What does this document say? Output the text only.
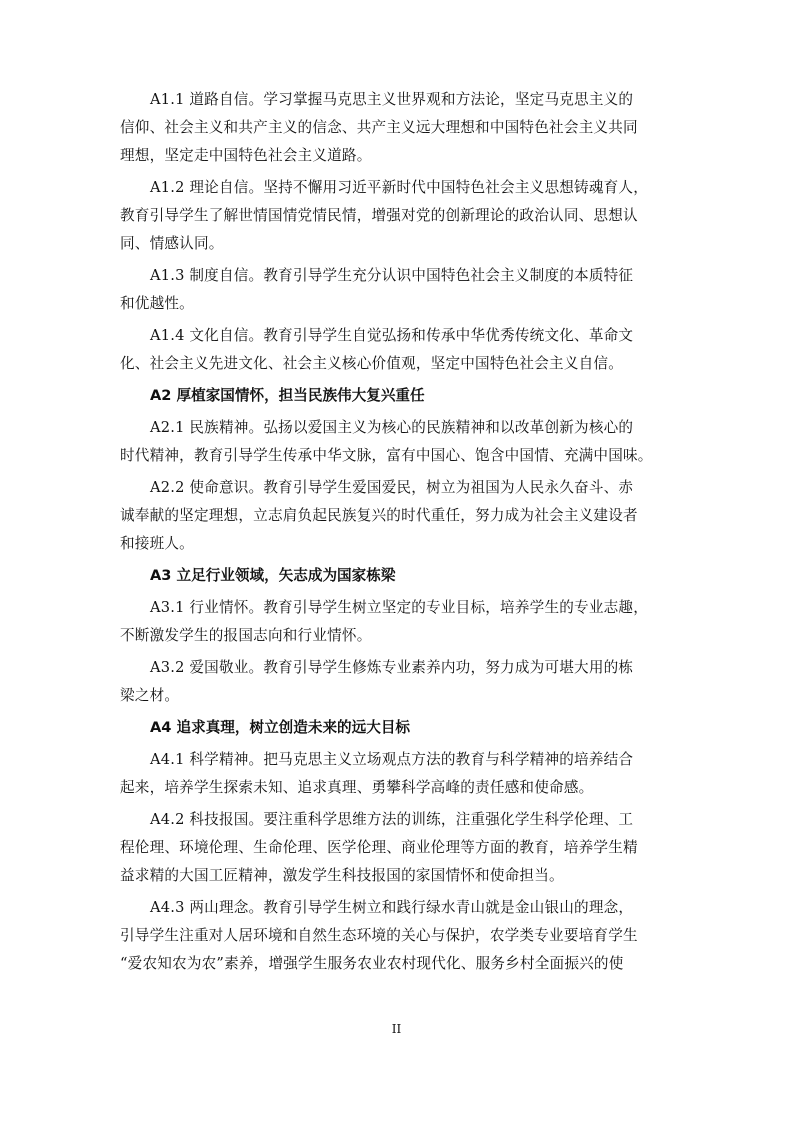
A1.1 道路自信。学习掌握马克思主义世界观和方法论，坚定马克思主义的
信仰、社会主义和共产主义的信念、共产主义远大理想和中国特色社会主义共同
理想，坚定走中国特色社会主义道路。
A1.2 理论自信。坚持不懈用习近平新时代中国特色社会主义思想铸魂育人，
教育引导学生了解世情国情党情民情，增强对党的创新理论的政治认同、思想认
同、情感认同。
A1.3 制度自信。教育引导学生充分认识中国特色社会主义制度的本质特征
和优越性。
A1.4 文化自信。教育引导学生自觉弘扬和传承中华优秀传统文化、革命文
化、社会主义先进文化、社会主义核心价值观，坚定中国特色社会主义自信。
A2 厚植家国情怀，担当民族伟大复兴重任
A2.1 民族精神。弘扬以爱国主义为核心的民族精神和以改革创新为核心的
时代精神，教育引导学生传承中华文脉，富有中国心、饱含中国情、充满中国味。
A2.2 使命意识。教育引导学生爱国爱民，树立为祖国为人民永久奋斗、赤
诚奉献的坚定理想，立志肩负起民族复兴的时代重任，努力成为社会主义建设者
和接班人。
A3 立足行业领域，矢志成为国家栋梁
A3.1 行业情怀。教育引导学生树立坚定的专业目标，培养学生的专业志趣，
不断激发学生的报国志向和行业情怀。
A3.2 爱国敬业。教育引导学生修炼专业素养内功，努力成为可堪大用的栋
梁之材。
A4 追求真理，树立创造未来的远大目标
A4.1 科学精神。把马克思主义立场观点方法的教育与科学精神的培养结合
起来，培养学生探索未知、追求真理、勇攀科学高峰的责任感和使命感。
A4.2 科技报国。要注重科学思维方法的训练，注重强化学生科学伦理、工
程伦理、环境伦理、生命伦理、医学伦理、商业伦理等方面的教育，培养学生精
益求精的大国工匠精神，激发学生科技报国的家国情怀和使命担当。
A4.3 两山理念。教育引导学生树立和践行绿水青山就是金山银山的理念，
引导学生注重对人居环境和自然生态环境的关心与保护，农学类专业要培育学生
“爱农知农为农”素养，增强学生服务农业农村现代化、服务乡村全面振兴的使
II
